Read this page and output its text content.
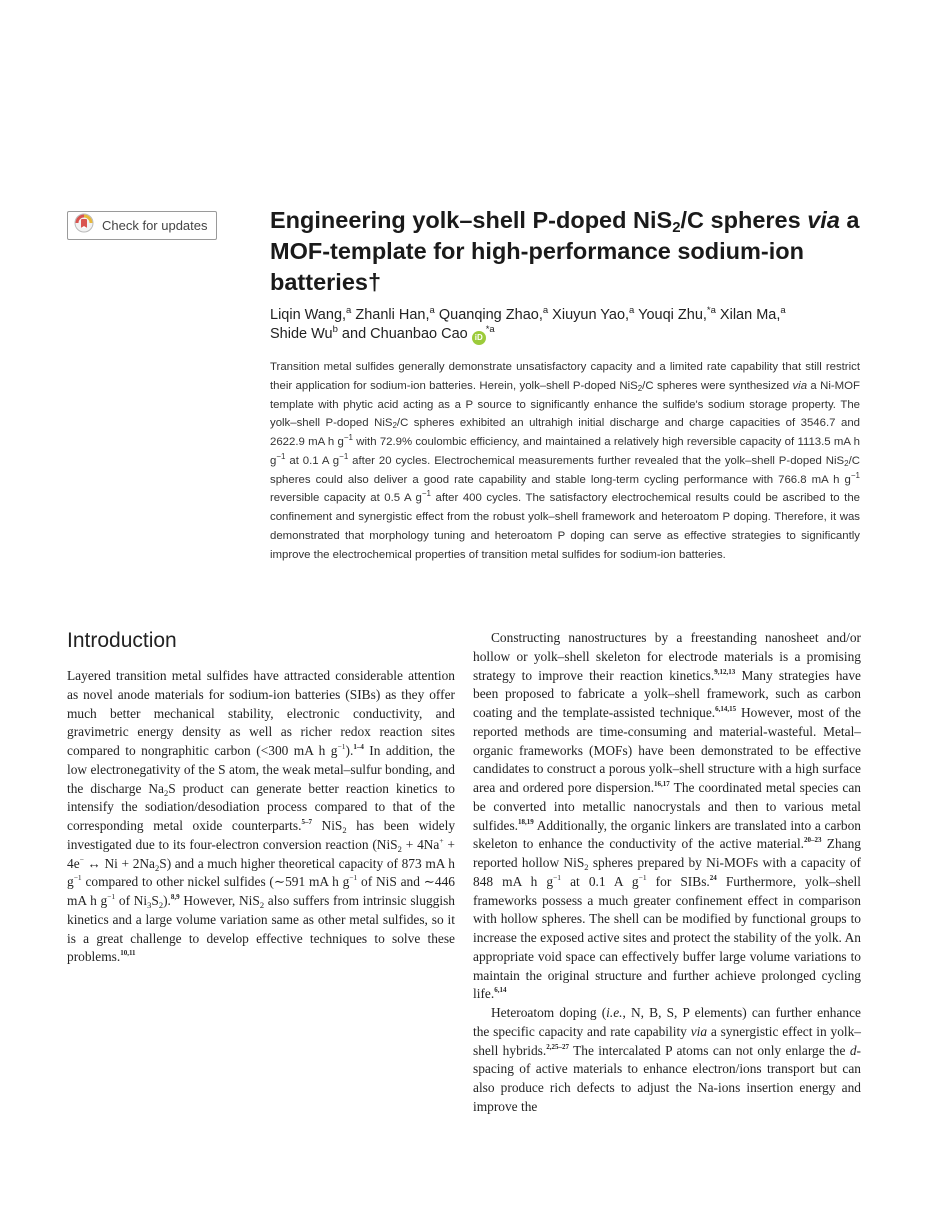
Check for updates	Engineering yolk–shell P-doped NiS$_2$/C spheres via a MOF-template for high-performance sodium-ion batteries†
Liqin Wang,$^a$ Zhanli Han,$^a$ Quanqing Zhao,$^a$ Xiuyun Yao,$^a$ Youqi Zhu,$^{*a}$ Xilan Ma,$^a$
Shide Wu$^b$ and Chuanbao Cao $iD^{*a}$
Transition metal sulfides generally demonstrate unsatisfactory capacity and a limited rate capability that still restrict their application for sodium-ion batteries. Herein, yolk–shell P-doped NiS$_2$/C spheres were synthesized via a Ni-MOF template with phytic acid acting as a P source to significantly enhance the sulfide's sodium storage property. The yolk–shell P-doped NiS$_2$/C spheres exhibited an ultrahigh initial discharge and charge capacities of 3546.7 and 2622.9 mA h $g^{-1}$ with 72.9% coulombic efficiency, and maintained a relatively high reversible capacity of 1113.5 mA h $g^{-1}$ at 0.1 A $g^{-1}$ after 20 cycles. Electrochemical measurements further revealed that the yolk–shell P-doped NiS$_2$/C spheres could also deliver a good rate capability and stable long-term cycling performance with 766.8 mA h $g^{-1}$ reversible capacity at 0.5 A $g^{-1}$ after 400 cycles. The satisfactory electrochemical results could be ascribed to the confinement and synergistic effect from the robust yolk–shell framework and heteroatom P doping. Therefore, it was demonstrated that morphology tuning and heteroatom P doping can serve as effective strategies to significantly improve the electrochemical properties of transition metal sulfides for sodium-ion batteries.
Introduction

Layered transition metal sulfides have attracted considerable attention as novel anode materials for sodium-ion batteries (SIBs) as they offer much better mechanical stability, electronic conductivity, and gravimetric energy density as well as richer redox reaction sites compared to nongraphitic carbon (<300 mA h $g^{-1}).^{1-4}$ In addition, the low electronegativity of the S atom, the weak metal–sulfur bonding, and the discharge $Na_2S$ product can generate better reaction kinetics to intensify the sodiation/desodiation process compared to that of the corresponding metal oxide counterparts.$^{5-7}$ NiS$_2$ has been widely investigated due to its four-electron conversion reaction (NiS$_2$ + 4Na+ + 4e− ↔ $Ni + 2Na_2S$) and a much higher theoretical capacity of 873 mA h $g^{-1}$ compared to other nickel sulfides (∼591 mA h $g^{-1}$ of NiS and ∼446 mA h $g^{-1}$ of $Ni_3S_2).^{8,9}$ However, NiS$_2$ also suffers from intrinsic sluggish kinetics and a large volume variation same as other metal sulfides, so it is a great challenge to develop effective techniques to solve these problems.$^{10,11}$

Constructing nanostructures by a freestanding nanosheet and/or hollow or yolk–shell skeleton for electrode materials is a promising strategy to improve their reaction kinetics.$^{9,12,13}$ Many strategies have been proposed to fabricate a yolk–shell framework, such as carbon coating and the template-assisted technique.$^{6,14,15}$ However, most of the reported methods are time-consuming and material-wasteful. Metal–organic frameworks (MOFs) have been demonstrated to be effective candidates to construct a porous yolk–shell structure with a high surface area and ordered pore dispersion.$^{16,17}$ The coordinated metal species can be converted into metallic nanocrystals and then to various metal sulfides.$^{18,19}$ Additionally, the organic linkers are translated into a carbon skeleton to enhance the conductivity of the active material.$^{20-23}$ Zhang reported hollow NiS$_2$ spheres prepared by Ni-MOFs with a capacity of 848 mA h $g^{-1}$ at 0.1 A $g^{-1}$ for SIBs.$^{24}$ Furthermore, yolk–shell frameworks possess a much greater confinement effect in comparison with hollow spheres. The shell can be modified by functional groups to increase the exposed active sites and protect the stability of the yolk. An appropriate void space can effectively buffer large volume variations to maintain the original structure and further achieve prolonged cycling life.$^{6,14}$

Heteroatom doping (i.e., N, B, S, P elements) can further enhance the specific capacity and rate capability via a synergistic effect in yolk–shell hybrids.$^{2,25-27}$ The intercalated P atoms can not only enlarge the d-spacing of active materials to enhance electron/ions transport but can also produce rich defects to adjust the Na-ions insertion energy and improve the
